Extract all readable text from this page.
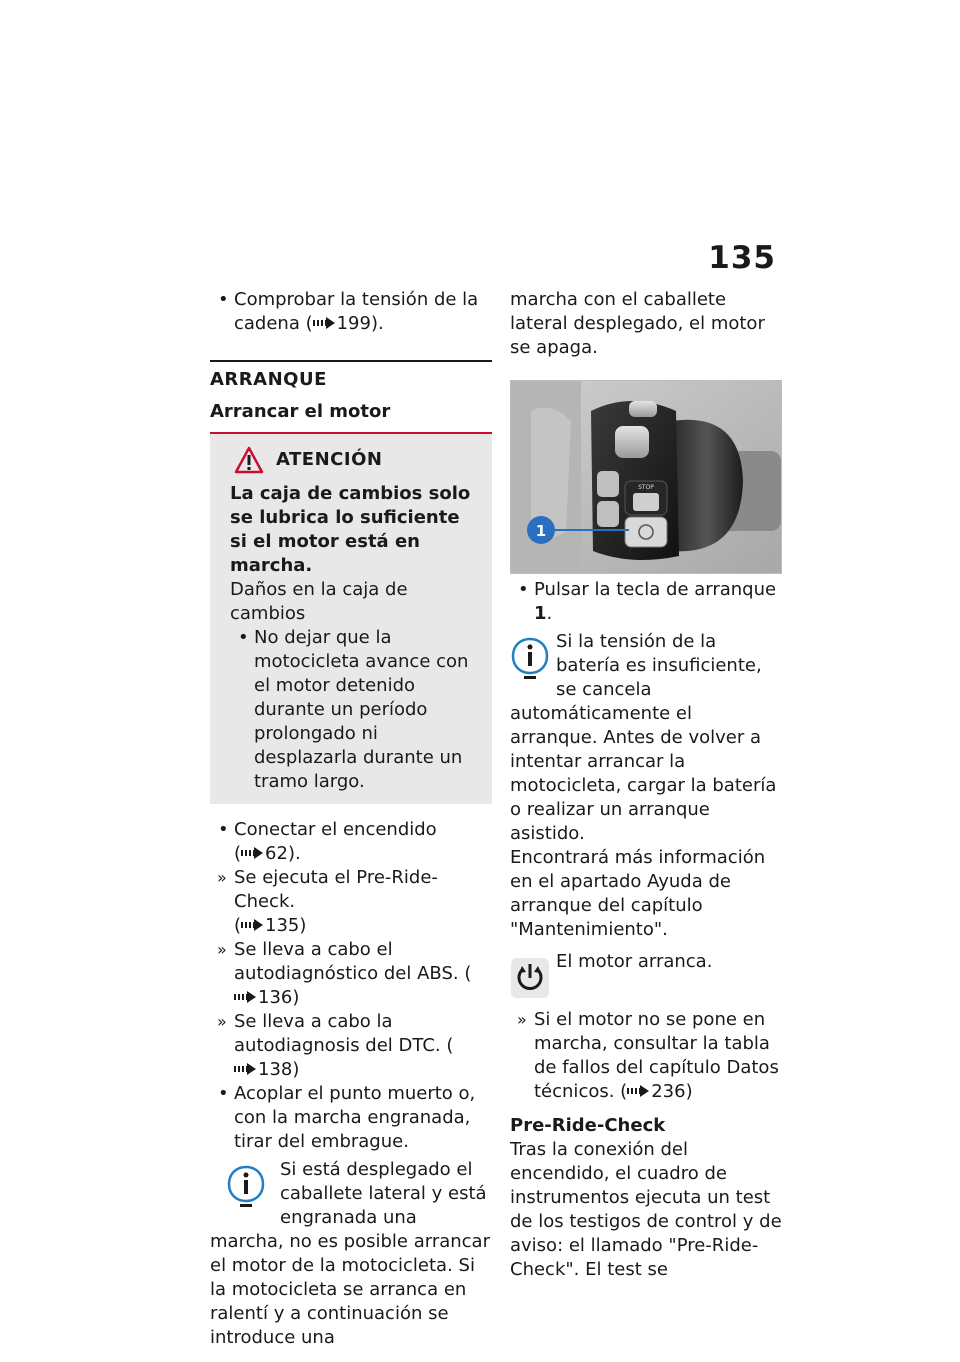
135
• Comprobar la tensión de la cadena ( 199).
ARRANQUE
Arrancar el motor
ATENCIÓN
La caja de cambios solo se lubrica lo suficiente si el motor está en marcha.
Daños en la caja de cambios
• No dejar que la motocicleta avance con el motor detenido durante un período prolongado ni desplazarla durante un tramo largo.
• Conectar el encendido
( 62).
» Se ejecuta el Pre-Ride-Check.
( 135)
» Se lleva a cabo el autodiagnóstico del ABS. (136)
» Se lleva a cabo la autodiagnosis del DTC. (138)
• Acoplar el punto muerto o, con la marcha engranada, tirar del embrague.
Si está desplegado el caballete lateral y está engranada una marcha, no es posible arrancar el motor de la motocicleta. Si la motocicleta se arranca en ralentí y a continuación se introduce una
marcha con el caballete lateral desplegado, el motor se apaga.
STOP
1
• Pulsar la tecla de arranque 1.
Si la tensión de la batería es insuficiente, se cancela automáticamente el arranque. Antes de volver a intentar arrancar la motocicleta, cargar la batería o realizar un arranque asistido.
Encontrará más información en el apartado Ayuda de arranque del capítulo "Mantenimiento".
El motor arranca.
» Si el motor no se pone en marcha, consultar la tabla de fallos del capítulo Datos técnicos. ( 236)
Pre-Ride-Check
Tras la conexión del encendido, el cuadro de instrumentos ejecuta un test de los testigos de control y de aviso: el llamado "Pre-Ride-Check". El test se
